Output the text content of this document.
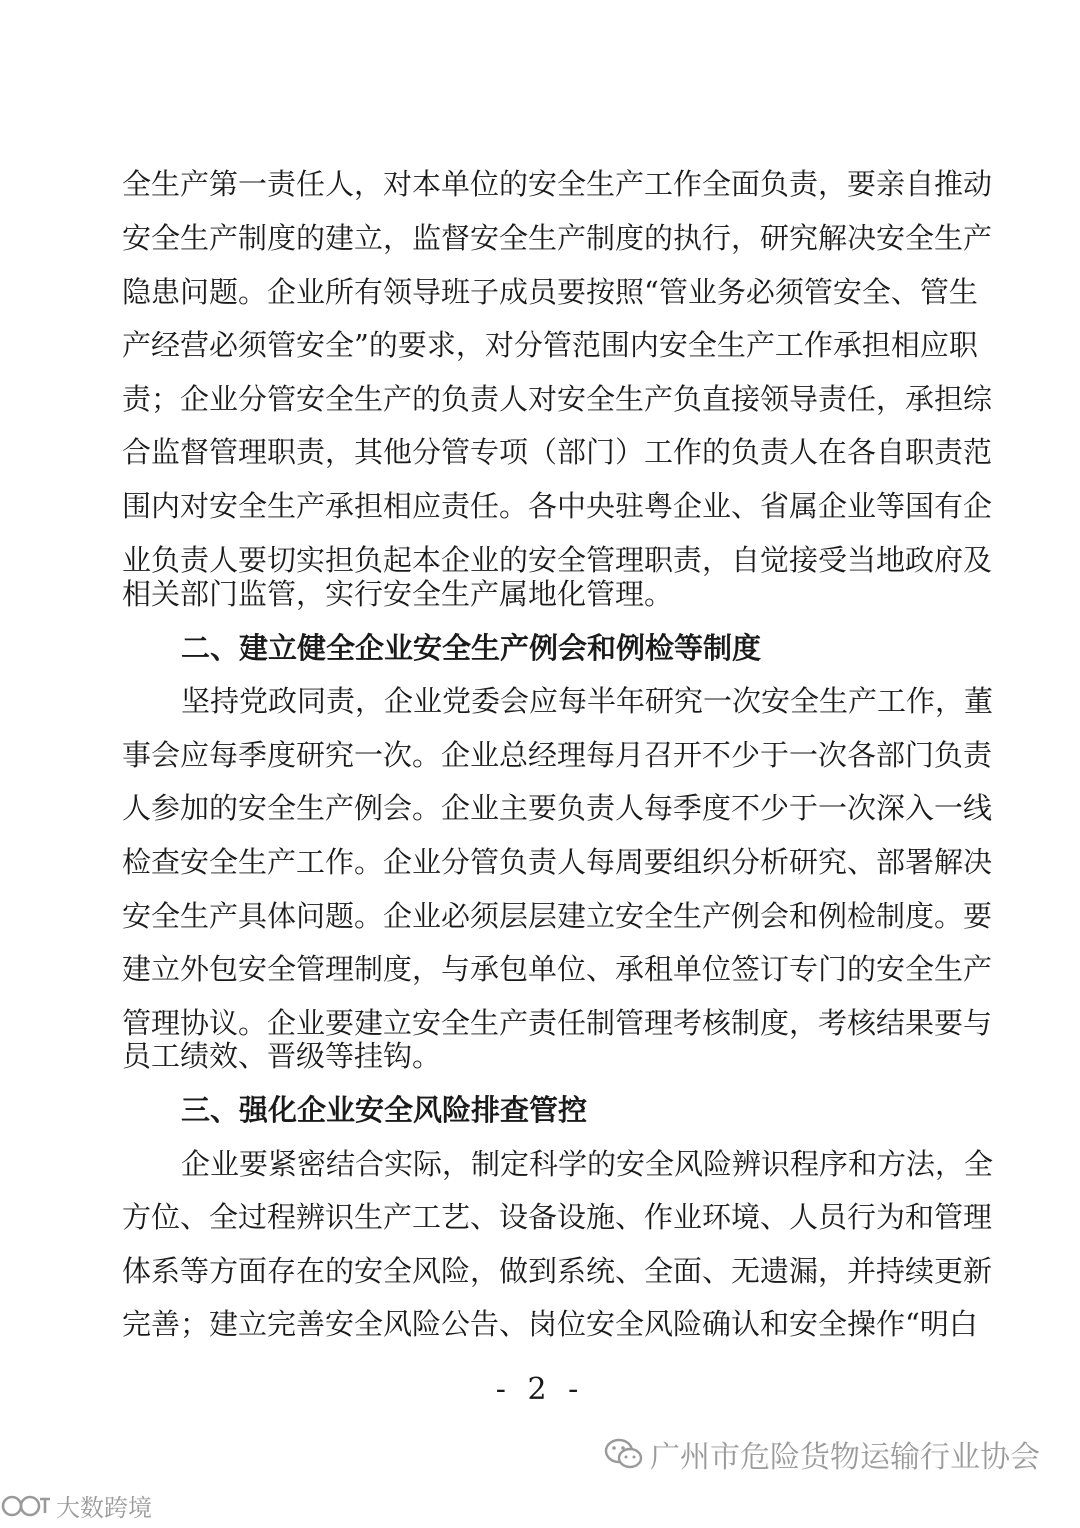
全生产第一责任人，对本单位的安全生产工作全面负责，要亲自推动
安全生产制度的建立，监督安全生产制度的执行，研究解决安全生产
隐患问题。企业所有领导班子成员要按照“管业务必须管安全、管生
产经营必须管安全”的要求，对分管范围内安全生产工作承担相应职
责；企业分管安全生产的负责人对安全生产负直接领导责任，承担综
合监督管理职责，其他分管专项（部门）工作的负责人在各自职责范
围内对安全生产承担相应责任。各中央驻粤企业、省属企业等国有企
业负责人要切实担负起本企业的安全管理职责，自觉接受当地政府及
相关部门监管，实行安全生产属地化管理。
二、建立健全企业安全生产例会和例检等制度
坚持党政同责，企业党委会应每半年研究一次安全生产工作，董
事会应每季度研究一次。企业总经理每月召开不少于一次各部门负责
人参加的安全生产例会。企业主要负责人每季度不少于一次深入一线
检查安全生产工作。企业分管负责人每周要组织分析研究、部署解决
安全生产具体问题。企业必须层层建立安全生产例会和例检制度。要
建立外包安全管理制度，与承包单位、承租单位签订专门的安全生产
管理协议。企业要建立安全生产责任制管理考核制度，考核结果要与
员工绩效、晋级等挂钩。
三、强化企业安全风险排查管控
企业要紧密结合实际，制定科学的安全风险辨识程序和方法，全
方位、全过程辨识生产工艺、设备设施、作业环境、人员行为和管理
体系等方面存在的安全风险，做到系统、全面、无遗漏，并持续更新
完善；建立完善安全风险公告、岗位安全风险确认和安全操作“明白
- 2 -
广州市危险货物运输行业协会
大数跨境
